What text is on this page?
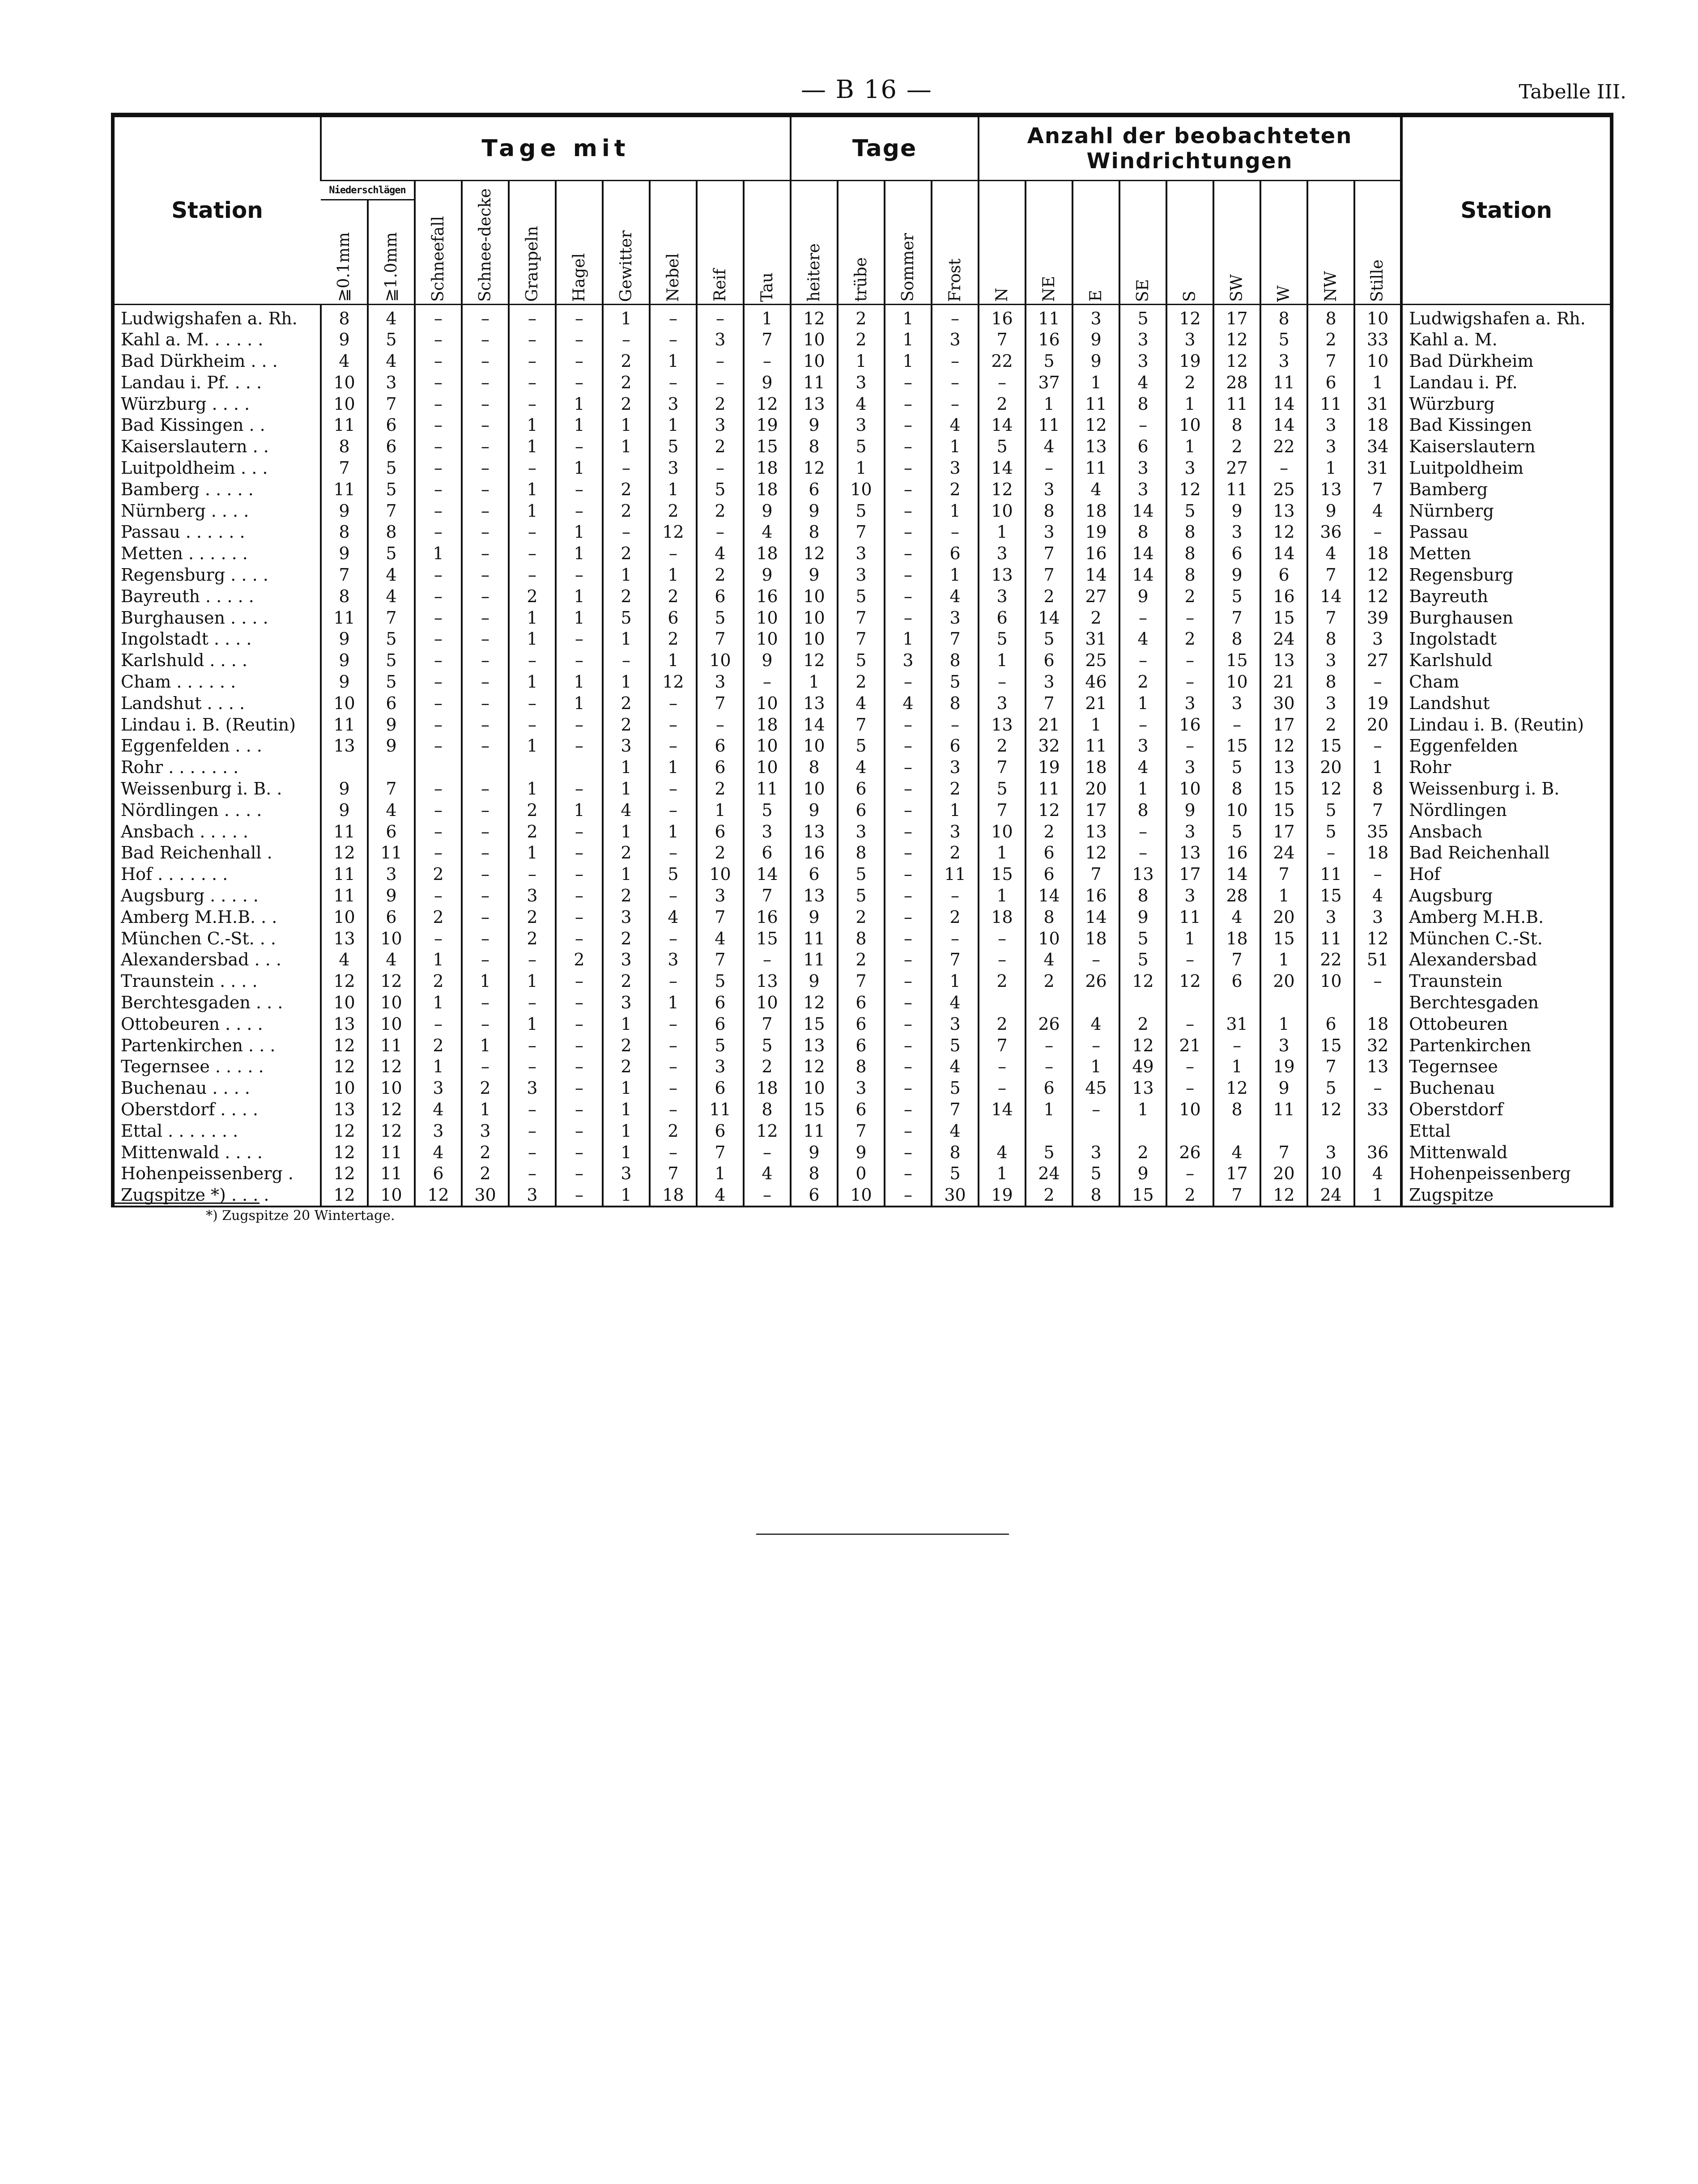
— B 16 —	Tabelle III.
Station	Tage mit										Tage				Anzahl der beobachteten
Windrichtungen									Station
	Niederschlägen		Schneefall	Schnee-decke	Graupeln	Hagel	Gewitter	Nebel	Reif	Tau	heitere	trübe	Sommer	Frost	N	NE	E	SE	S	SW	W	NW	Stille	
	≧0.1mm	≧1.0mm																						
Ludwigshafen a. Rh.	8	4	–	–	–	–	1	–	–	1	12	2	1	–	16	11	3	5	12	17	8	8	10	Ludwigshafen a. Rh.
Kahl a. M. . . . . .	9	5	–	–	–	–	–	–	3	7	10	2	1	3	7	16	9	3	3	12	5	2	33	Kahl a. M.
Bad Dürkheim . . .	4	4	–	–	–	–	2	1	–	–	10	1	1	–	22	5	9	3	19	12	3	7	10	Bad Dürkheim
Landau i. Pf. . . .	10	3	–	–	–	–	2	–	–	9	11	3	–	–	–	37	1	4	2	28	11	6	1	Landau i. Pf.
Würzburg . . . .	10	7	–	–	–	1	2	3	2	12	13	4	–	–	2	1	11	8	1	11	14	11	31	Würzburg
Bad Kissingen . .	11	6	–	–	1	1	1	1	3	19	9	3	–	4	14	11	12	–	10	8	14	3	18	Bad Kissingen
Kaiserslautern . .	8	6	–	–	1	–	1	5	2	15	8	5	–	1	5	4	13	6	1	2	22	3	34	Kaiserslautern
Luitpoldheim . . .	7	5	–	–	–	1	–	3	–	18	12	1	–	3	14	–	11	3	3	27	–	1	31	Luitpoldheim
Bamberg . . . . .	11	5	–	–	1	–	2	1	5	18	6	10	–	2	12	3	4	3	12	11	25	13	7	Bamberg
Nürnberg . . . .	9	7	–	–	1	–	2	2	2	9	9	5	–	1	10	8	18	14	5	9	13	9	4	Nürnberg
Passau . . . . . .	8	8	–	–	–	1	–	12	–	4	8	7	–	–	1	3	19	8	8	3	12	36	–	Passau
Metten . . . . . .	9	5	1	–	–	1	2	–	4	18	12	3	–	6	3	7	16	14	8	6	14	4	18	Metten
Regensburg . . . .	7	4	–	–	–	–	1	1	2	9	9	3	–	1	13	7	14	14	8	9	6	7	12	Regensburg
Bayreuth . . . . .	8	4	–	–	2	1	2	2	6	16	10	5	–	4	3	2	27	9	2	5	16	14	12	Bayreuth
Burghausen . . . .	11	7	–	–	1	1	5	6	5	10	10	7	–	3	6	14	2	–	–	7	15	7	39	Burghausen
Ingolstadt . . . .	9	5	–	–	1	–	1	2	7	10	10	7	1	7	5	5	31	4	2	8	24	8	3	Ingolstadt
Karlshuld . . . .	9	5	–	–	–	–	–	1	10	9	12	5	3	8	1	6	25	–	–	15	13	3	27	Karlshuld
Cham . . . . . .	9	5	–	–	1	1	1	12	3	–	1	2	–	5	–	3	46	2	–	10	21	8	–	Cham
Landshut . . . .	10	6	–	–	–	1	2	–	7	10	13	4	4	8	3	7	21	1	3	3	30	3	19	Landshut
Lindau i. B. (Reutin)	11	9	–	–	–	–	2	–	–	18	14	7	–	–	13	21	1	–	16	–	17	2	20	Lindau i. B. (Reutin)
Eggenfelden . . .	13	9	–	–	1	–	3	–	6	10	10	5	–	6	2	32	11	3	–	15	12	15	–	Eggenfelden
Rohr . . . . . . .							1	1	6	10	8	4	–	3	7	19	18	4	3	5	13	20	1	Rohr
Weissenburg i. B. .	9	7	–	–	1	–	1	–	2	11	10	6	–	2	5	11	20	1	10	8	15	12	8	Weissenburg i. B.
Nördlingen . . . .	9	4	–	–	2	1	4	–	1	5	9	6	–	1	7	12	17	8	9	10	15	5	7	Nördlingen
Ansbach . . . . .	11	6	–	–	2	–	1	1	6	3	13	3	–	3	10	2	13	–	3	5	17	5	35	Ansbach
Bad Reichenhall .	12	11	–	–	1	–	2	–	2	6	16	8	–	2	1	6	12	–	13	16	24	–	18	Bad Reichenhall
Hof . . . . . . .	11	3	2	–	–	–	1	5	10	14	6	5	–	11	15	6	7	13	17	14	7	11	–	Hof
Augsburg . . . . .	11	9	–	–	3	–	2	–	3	7	13	5	–	–	1	14	16	8	3	28	1	15	4	Augsburg
Amberg M.H.B. . .	10	6	2	–	2	–	3	4	7	16	9	2	–	2	18	8	14	9	11	4	20	3	3	Amberg M.H.B.
München C.-St. . .	13	10	–	–	2	–	2	–	4	15	11	8	–	–	–	10	18	5	1	18	15	11	12	München C.-St.
Alexandersbad . . .	4	4	1	–	–	2	3	3	7	–	11	2	–	7	–	4	–	5	–	7	1	22	51	Alexandersbad
Traunstein . . . .	12	12	2	1	1	–	2	–	5	13	9	7	–	1	2	2	26	12	12	6	20	10	–	Traunstein
Berchtesgaden . . .	10	10	1	–	–	–	3	1	6	10	12	6	–	4										Berchtesgaden
Ottobeuren . . . .	13	10	–	–	1	–	1	–	6	7	15	6	–	3	2	26	4	2	–	31	1	6	18	Ottobeuren
Partenkirchen . . .	12	11	2	1	–	–	2	–	5	5	13	6	–	5	7	–	–	12	21	–	3	15	32	Partenkirchen
Tegernsee . . . . .	12	12	1	–	–	–	2	–	3	2	12	8	–	4	–	–	1	49	–	1	19	7	13	Tegernsee
Buchenau . . . .	10	10	3	2	3	–	1	–	6	18	10	3	–	5	–	6	45	13	–	12	9	5	–	Buchenau
Oberstdorf . . . .	13	12	4	1	–	–	1	–	11	8	15	6	–	7	14	1	–	1	10	8	11	12	33	Oberstdorf
Ettal . . . . . . .	12	12	3	3	–	–	1	2	6	12	11	7	–	4										Ettal
Mittenwald . . . .	12	11	4	2	–	–	1	–	7	–	9	9	–	8	4	5	3	2	26	4	7	3	36	Mittenwald
Hohenpeissenberg .	12	11	6	2	–	–	3	7	1	4	8	0	–	5	1	24	5	9	–	17	20	10	4	Hohenpeissenberg
Zugspitze *) . . . .	12	10	12	30	3	–	1	18	4	–	6	10	–	30	19	2	8	15	2	7	12	24	1	Zugspitze
*) Zugspitze 20 Wintertage.
